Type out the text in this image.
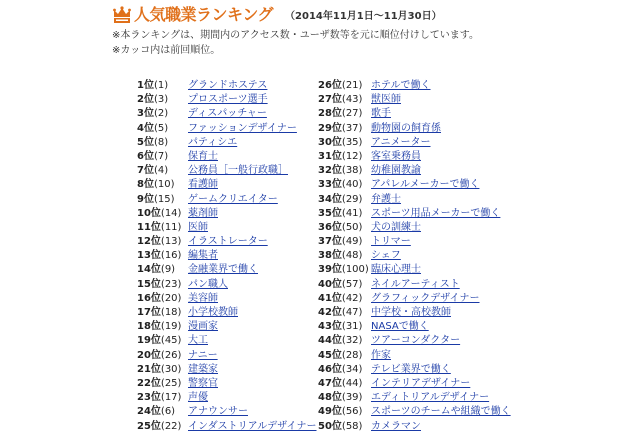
人気職業ランキング （2014年11月1日～11月30日）
※本ランキングは、期間内のアクセス数・ユーザ数等を元に順位付けしています。
※カッコ内は前回順位。
1位(1)	グランドホステス
2位(3)	プロスポーツ選手
3位(2)	ディスパッチャー
4位(5)	ファッションデザイナー
5位(8)	パティシエ
6位(7)	保育士
7位(4)	公務員［一般行政職］
8位(10)	看護師
9位(15)	ゲームクリエイター
10位(14) 薬剤師
11位(11) 医師
12位(13) イラストレーター
13位(16) 編集者
14位(9)	金融業界で働く
15位(23) パン職人
16位(20) 美容師
17位(18) 小学校教師
18位(19) 漫画家
19位(45) 大工
20位(26) ナニー
21位(30) 建築家
22位(25) 警察官
23位(17) 声優
24位(6)	アナウンサー
25位(22) インダストリアルデザイナー
26位(21) ホテルで働く
27位(43) 獣医師
28位(27) 歌手
29位(37) 動物園の飼育係
30位(35) アニメーター
31位(12) 客室乗務員
32位(38) 幼稚園教諭
33位(40) アパレルメーカーで働く
34位(29) 弁護士
35位(41) スポーツ用品メーカーで働く
36位(50) 犬の訓練士
37位(49) トリマー
38位(48) シェフ
39位(100) 臨床心理士
40位(57) ネイルアーティスト
41位(42) グラフィックデザイナー
42位(47) 中学校・高校教師
43位(31) NASAで働く
44位(32) ツアーコンダクター
45位(28) 作家
46位(34) テレビ業界で働く
47位(44) インテリアデザイナー
48位(39) エディトリアルデザイナー
49位(56) スポーツのチームや組織で働く
50位(58) カメラマン
